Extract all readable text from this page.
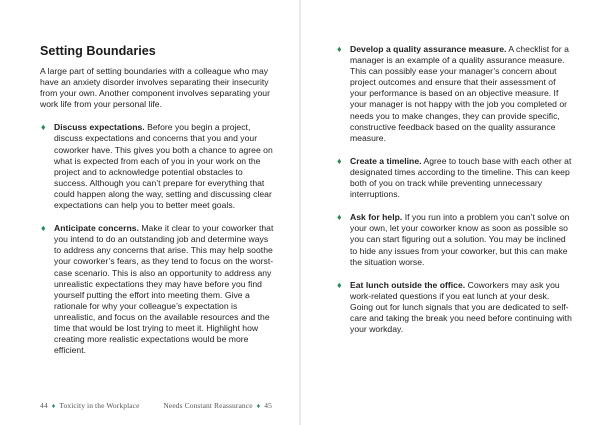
Setting Boundaries

A large part of setting boundaries with a colleague who may have an anxiety disorder involves separating their insecurity from your own. Another component involves separating your work life from your personal life.

♦ Discuss expectations. Before you begin a project, discuss expectations and concerns that you and your coworker have. This gives you both a chance to agree on what is expected from each of you in your work on the project and to acknowledge potential obstacles to success. Although you can’t prepare for everything that could happen along the way, setting and discussing clear expectations can help you to better meet goals.
♦ Anticipate concerns. Make it clear to your coworker that you intend to do an outstanding job and determine ways to address any concerns that arise. This may help soothe your coworker’s fears, as they tend to focus on the worst-case scenario. This is also an opportunity to address any unrealistic expectations they may have before you find yourself putting the effort into meeting them. Give a rationale for why your colleague’s expectation is unrealistic, and focus on the available resources and the time that would be lost trying to meet it. Highlight how creating more realistic expectations would be more efficient.
44 ♦ Toxicity in the Workplace
♦ Develop a quality assurance measure. A checklist for a manager is an example of a quality assurance measure. This can possibly ease your manager’s concern about project outcomes and ensure that their assessment of your performance is based on an objective measure. If your manager is not happy with the job you completed or needs you to make changes, they can provide specific, constructive feedback based on the quality assurance measure.
♦ Create a timeline. Agree to touch base with each other at designated times according to the timeline. This can keep both of you on track while preventing unnecessary interruptions.
♦ Ask for help. If you run into a problem you can’t solve on your own, let your coworker know as soon as possible so you can start figuring out a solution. You may be inclined to hide any issues from your coworker, but this can make the situation worse.
♦ Eat lunch outside the office. Coworkers may ask you work-related questions if you eat lunch at your desk. Going out for lunch signals that you are dedicated to self-care and taking the break you need before continuing with your workday.
Needs Constant Reassurance ♦ 45
